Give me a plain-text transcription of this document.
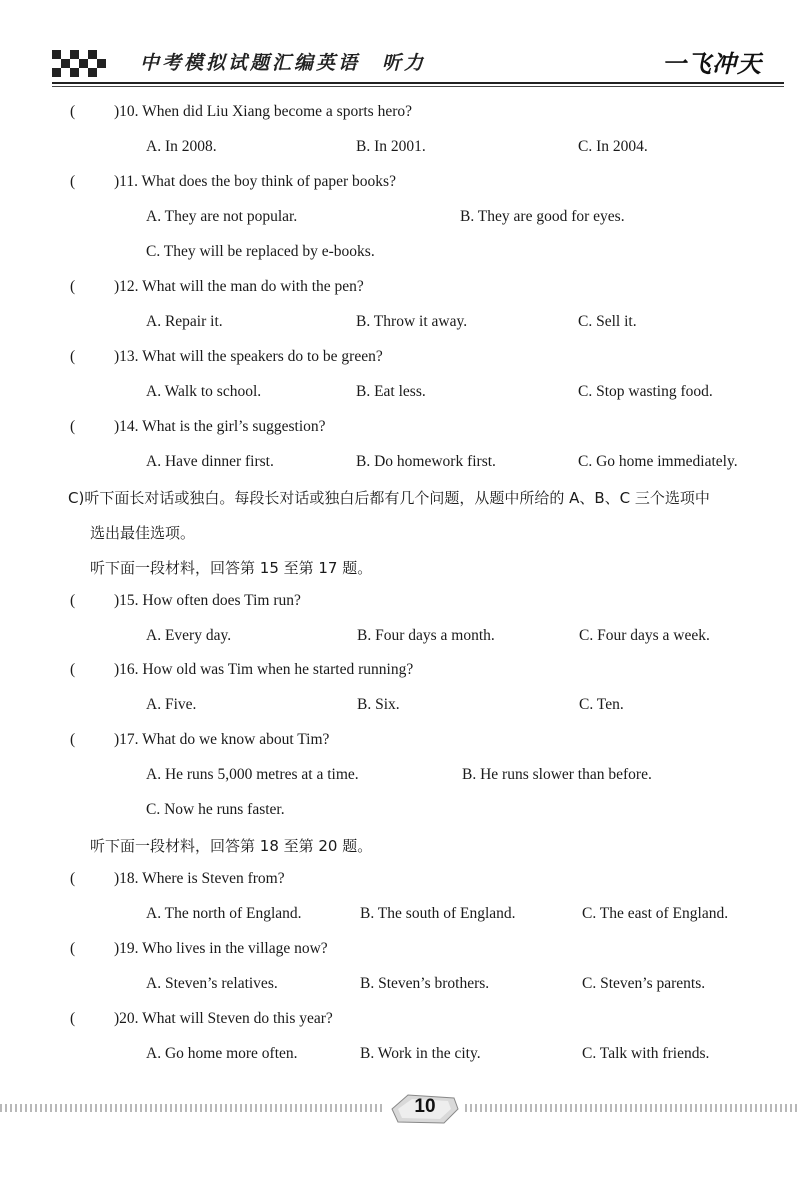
中考模拟试题汇编英语　听力	一飞冲天
(	)10. When did Liu Xiang become a sports hero?
A. In 2008.	B. In 2001.	C. In 2004.
(	)11. What does the boy think of paper books?
A. They are not popular.	B. They are good for eyes.
C. They will be replaced by e-books.
(	)12. What will the man do with the pen?
A. Repair it.	B. Throw it away.	C. Sell it.
(	)13. What will the speakers do to be green?
A. Walk to school.	B. Eat less.	C. Stop wasting food.
(	)14. What is the girl’s suggestion?
A. Have dinner first.	B. Do homework first.	C. Go home immediately.
C)听下面长对话或独白。每段长对话或独白后都有几个问题，从题中所给的 A、B、C 三个选项中
选出最佳选项。
听下面一段材料，回答第 15 至第 17 题。
(	)15. How often does Tim run?
A. Every day.	B. Four days a month.	C. Four days a week.
(	)16. How old was Tim when he started running?
A. Five.	B. Six.	C. Ten.
(	)17. What do we know about Tim?
A. He runs 5,000 metres at a time.	B. He runs slower than before.
C. Now he runs faster.
听下面一段材料，回答第 18 至第 20 题。
(	)18. Where is Steven from?
A. The north of England.	B. The south of England.	C. The east of England.
(	)19. Who lives in the village now?
A. Steven’s relatives.	B. Steven’s brothers.	C. Steven’s parents.
(	)20. What will Steven do this year?
A. Go home more often.	B. Work in the city.	C. Talk with friends.
10
